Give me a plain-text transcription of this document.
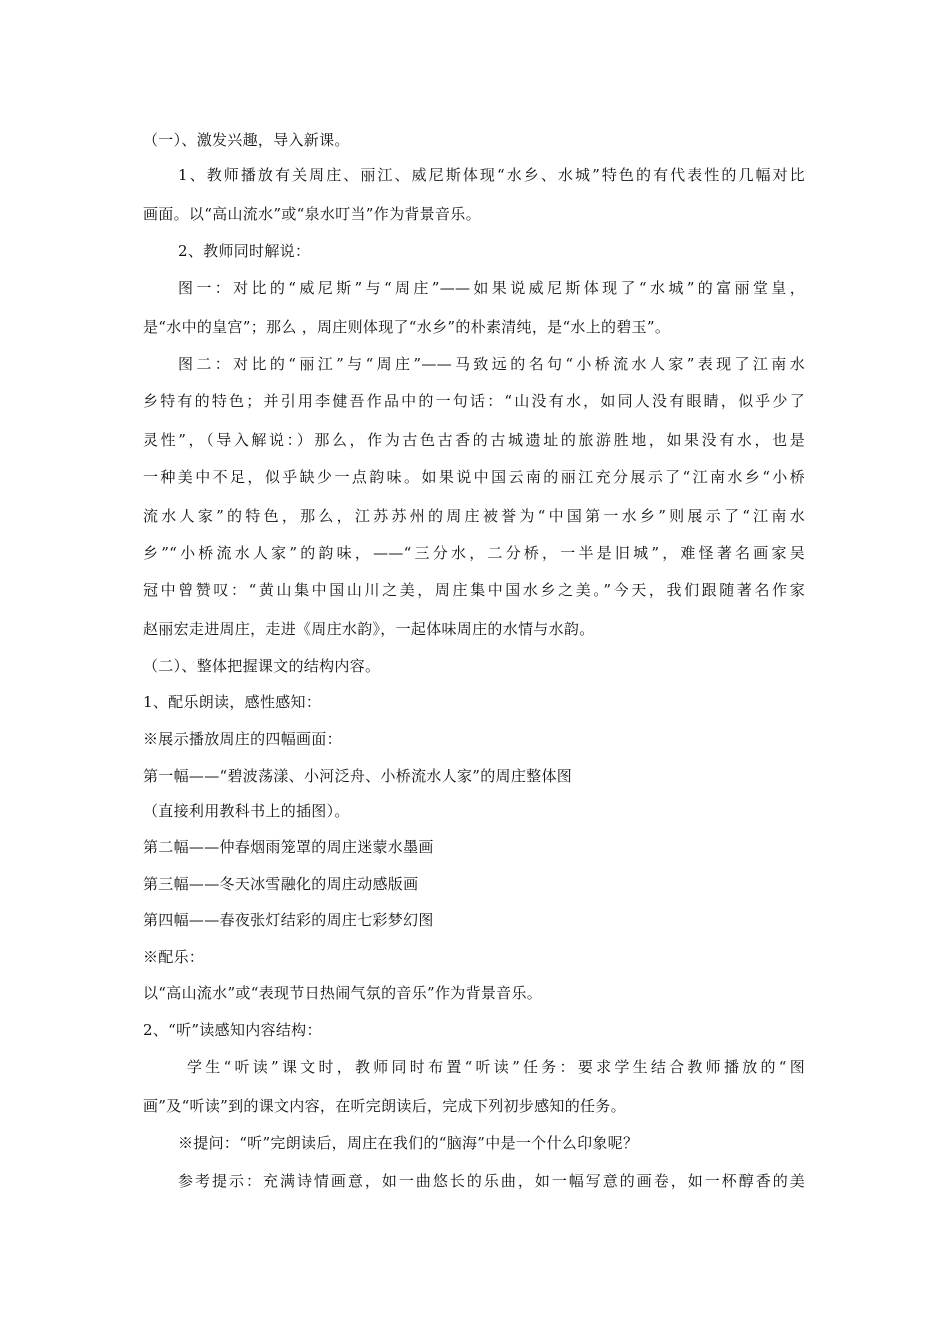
（一）、激发兴趣，导入新课。
1、教师播放有关周庄、丽江、威尼斯体现“水乡、水城”特色的有代表性的几幅对比
画面。以“高山流水”或“泉水叮当”作为背景音乐。
2、教师同时解说：
图一：对比的“威尼斯”与“周庄”——如果说威尼斯体现了“水城”的富丽堂皇，
是“水中的皇宫”；那么 ，周庄则体现了“水乡”的朴素清纯，是“水上的碧玉”。
图二：对比的“丽江”与“周庄”——马致远的名句“小桥流水人家”表现了江南水
乡特有的特色；并引用李健吾作品中的一句话：“山没有水，如同人没有眼睛，似乎少了
灵性”，（导入解说：）那么，作为古色古香的古城遗址的旅游胜地，如果没有水，也是
一种美中不足，似乎缺少一点韵味。如果说中国云南的丽江充分展示了“江南水乡“小桥
流水人家”的特色，那么，江苏苏州的周庄被誉为“中国第一水乡”则展示了“江南水
乡”“小桥流水人家”的韵味，——“三分水，二分桥，一半是旧城”，难怪著名画家吴
冠中曾赞叹：“黄山集中国山川之美，周庄集中国水乡之美。”今天，我们跟随著名作家
赵丽宏走进周庄，走进《周庄水韵》，一起体味周庄的水情与水韵。
（二）、整体把握课文的结构内容。
1、配乐朗读，感性感知：
※展示播放周庄的四幅画面：
第一幅——“碧波荡漾、小河泛舟、小桥流水人家”的周庄整体图
（直接利用教科书上的插图）。
第二幅——仲春烟雨笼罩的周庄迷蒙水墨画
第三幅——冬天冰雪融化的周庄动感版画
第四幅——春夜张灯结彩的周庄七彩梦幻图
※配乐：
以“高山流水”或“表现节日热闹气氛的音乐”作为背景音乐。
2、“听”读感知内容结构：
学生“听读”课文时，教师同时布置“听读”任务：要求学生结合教师播放的“图
画”及“听读”到的课文内容，在听完朗读后，完成下列初步感知的任务。
※提问：“听”完朗读后，周庄在我们的“脑海”中是一个什么印象呢？
参考提示：充满诗情画意，如一曲悠长的乐曲，如一幅写意的画卷，如一杯醇香的美
